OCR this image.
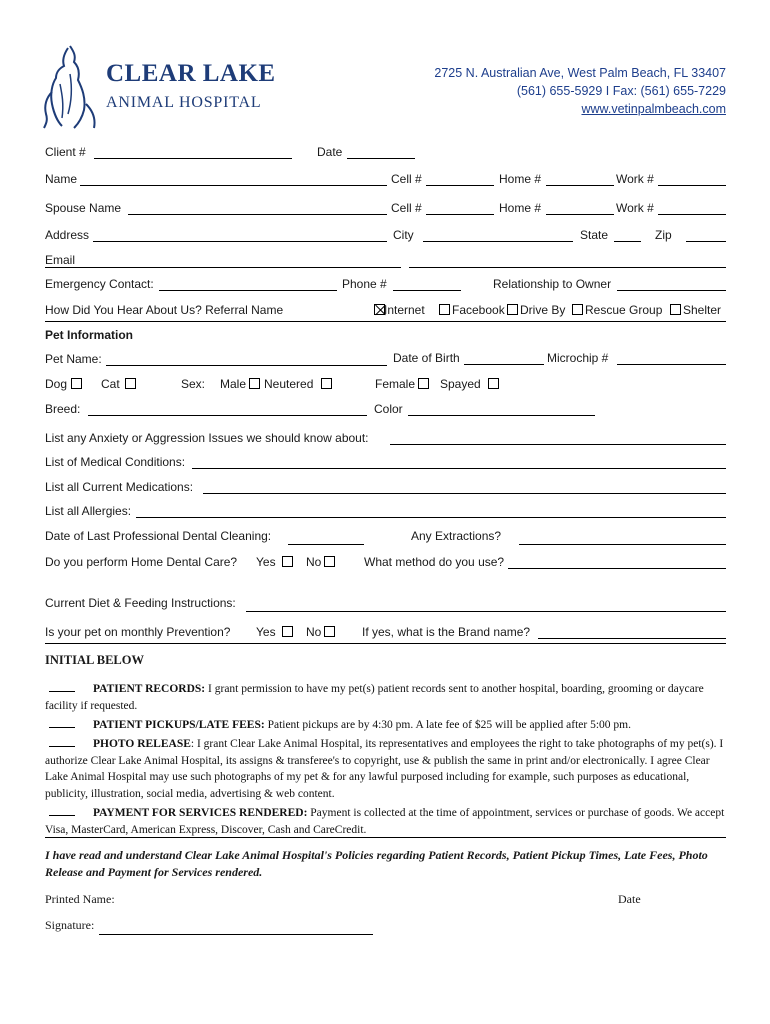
CLEAR LAKE
ANIMAL HOSPITAL
2725 N. Australian Ave, West Palm Beach, FL 33407
(561) 655-5929 I Fax: (561) 655-7229
www.vetinpalmbeach.com
Client #	Date
Name	Cell #	Home #	Work #
Spouse Name	Cell #	Home #	Work #
Address	City	State	Zip
Email
Emergency Contact:	Phone #	Relationship to Owner
How Did You Hear About Us? Referral Name	Internet Facebook Drive By Rescue Group Shelter
Pet Information
Pet Name:	Date of Birth	Microchip #
Dog	Cat	Sex: Male Neutered	Female Spayed
Breed:	Color
List any Anxiety or Aggression Issues we should know about:
List of Medical Conditions:
List all Current Medications:
List all Allergies:
Date of Last Professional Dental Cleaning:	Any Extractions?
Do you perform Home Dental Care? Yes	No	What method do you use?
Current Diet & Feeding Instructions:
Is your pet on monthly Prevention? Yes	No	If yes, what is the Brand name?
INITIAL BELOW
PATIENT RECORDS: I grant permission to have my pet(s) patient records sent to another hospital, boarding, grooming or daycare facility if requested.
PATIENT PICKUPS/LATE FEES: Patient pickups are by 4:30 pm. A late fee of $25 will be applied after 5:00 pm.
PHOTO RELEASE: I grant Clear Lake Animal Hospital, its representatives and employees the right to take photographs of my pet(s). I authorize Clear Lake Animal Hospital, its assigns & transferee's to copyright, use & publish the same in print and/or electronically. I agree Clear Lake Animal Hospital may use such photographs of my pet & for any lawful purposed including for example, such purposes as educational, publicity, illustration, social media, advertising & web content.
PAYMENT FOR SERVICES RENDERED: Payment is collected at the time of appointment, services or purchase of goods. We accept Visa, MasterCard, American Express, Discover, Cash and CareCredit.
I have read and understand Clear Lake Animal Hospital's Policies regarding Patient Records, Patient Pickup Times, Late Fees, Photo Release and Payment for Services rendered.
Printed Name:	Date
Signature:
